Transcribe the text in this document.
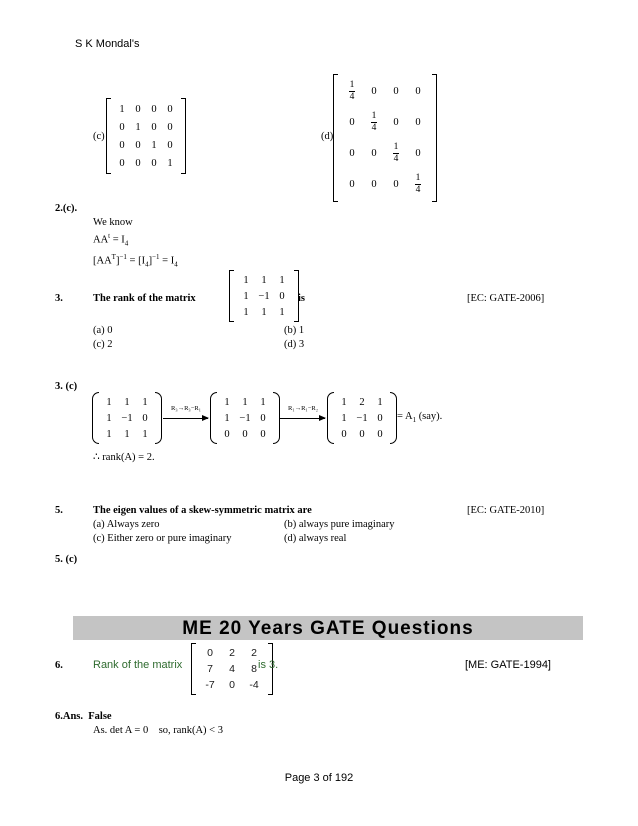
S K Mondal's
(c)
1	0	0	0
0	1	0	0
0	0	1	0
0	0	0	1
(d)
$\frac{1}{4}$	0	0	0
0	$\frac{1}{4}$	0	0
0	0	$\frac{1}{4}$	0
0	0	0	$\frac{1}{4}$
2.(c).
We know
$AA^t = I_4$
$[AA^T]^{-1} = [I_4]^{-1} = I_4$
3.	The rank of the matrix
1	1	1
1	−1	0
1	1	1
is	[EC: GATE-2006]
(a) 0	(b) 1
(c) 2	(d) 3
3. (c)
1	1	1
1	−1	0
1	1	1
R₃→R₃−R₁
1	1	1
1	−1	0
0	0	0
R₁→R₁−R₂
1	2	1
1	−1	0
0	0	0
= $A_1$ (say).
∴ rank(A) = 2.
5.	The eigen values of a skew-symmetric matrix are	[EC: GATE-2010]
(a) Always zero	(b) always pure imaginary
(c) Either zero or pure imaginary	(d) always real
5. (c)
ME 20 Years GATE Questions
6.	Rank of the matrix
0	2	2
7	4	8
-7	0	-4
is 3.	[ME: GATE-1994]
6.Ans. False
As. det A = 0    so, rank(A) < 3
Page 3 of 192
